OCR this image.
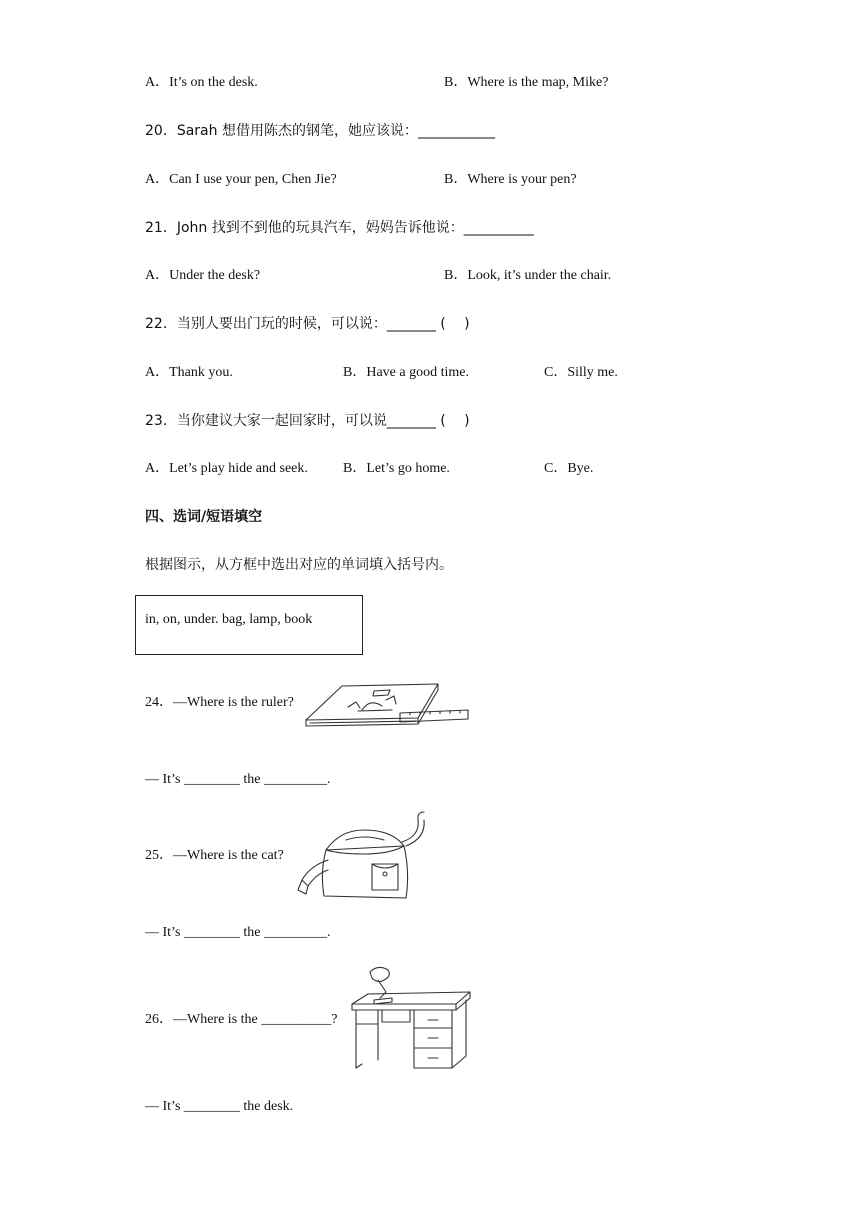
A．It’s on the desk.	B．Where is the map, Mike?
20．Sarah 想借用陈杰的钢笔，她应该说：___________
A．Can I use your pen, Chen Jie?	B．Where is your pen?
21．John 找到不到他的玩具汽车，妈妈告诉他说：__________
A．Under the desk?	B．Look, it’s under the chair.
22．当别人要出门玩的时候，可以说：_______ (　 )
A．Thank you.	B．Have a good time.	C．Silly me.
23．当你建议大家一起回家时，可以说_______ (　 )
A．Let’s play hide and seek.	B．Let’s go home.	C．Bye.
四、选词/短语填空
根据图示，从方框中选出对应的单词填入括号内。
in, on, under. bag, lamp, book
24．—Where is the ruler?
— It’s ________ the _________.
25．—Where is the cat?
— It’s ________ the _________.
26．—Where is the __________?
— It’s ________ the desk.
